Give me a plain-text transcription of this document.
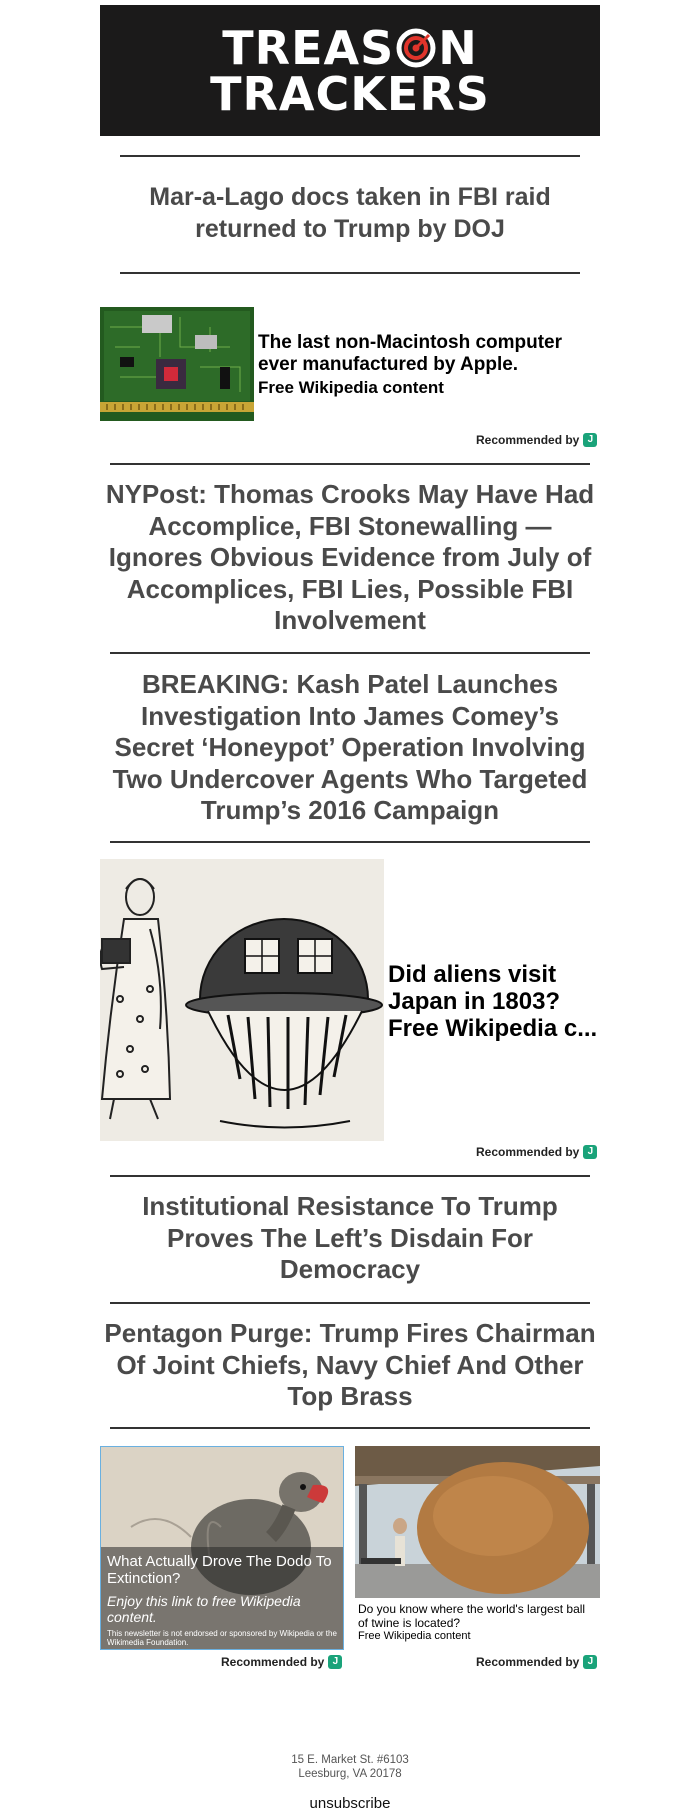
TREAS N
TRACKERS
Mar-a-Lago docs taken in FBI raid returned to Trump by DOJ
The last non-Macintosh computer ever manufactured by Apple.
Free Wikipedia content
Recommended by J
NYPost: Thomas Crooks May Have Had Accomplice, FBI Stonewalling — Ignores Obvious Evidence from July of Accomplices, FBI Lies, Possible FBI Involvement
BREAKING: Kash Patel Launches Investigation Into James Comey’s Secret ‘Honeypot’ Operation Involving Two Undercover Agents Who Targeted Trump’s 2016 Campaign
Did aliens visit Japan in 1803?
Free Wikipedia c...
Recommended by J
Institutional Resistance To Trump Proves The Left’s Disdain For Democracy
Pentagon Purge: Trump Fires Chairman Of Joint Chiefs, Navy Chief And Other Top Brass
What Actually Drove The Dodo To Extinction?
Enjoy this link to free Wikipedia content.
This newsletter is not endorsed or sponsored by Wikipedia or the Wikimedia Foundation.
Recommended by J
Do you know where the world's largest ball of twine is located?
Free Wikipedia content
Recommended by J
15 E. Market St. #6103
Leesburg, VA 20178
unsubscribe
